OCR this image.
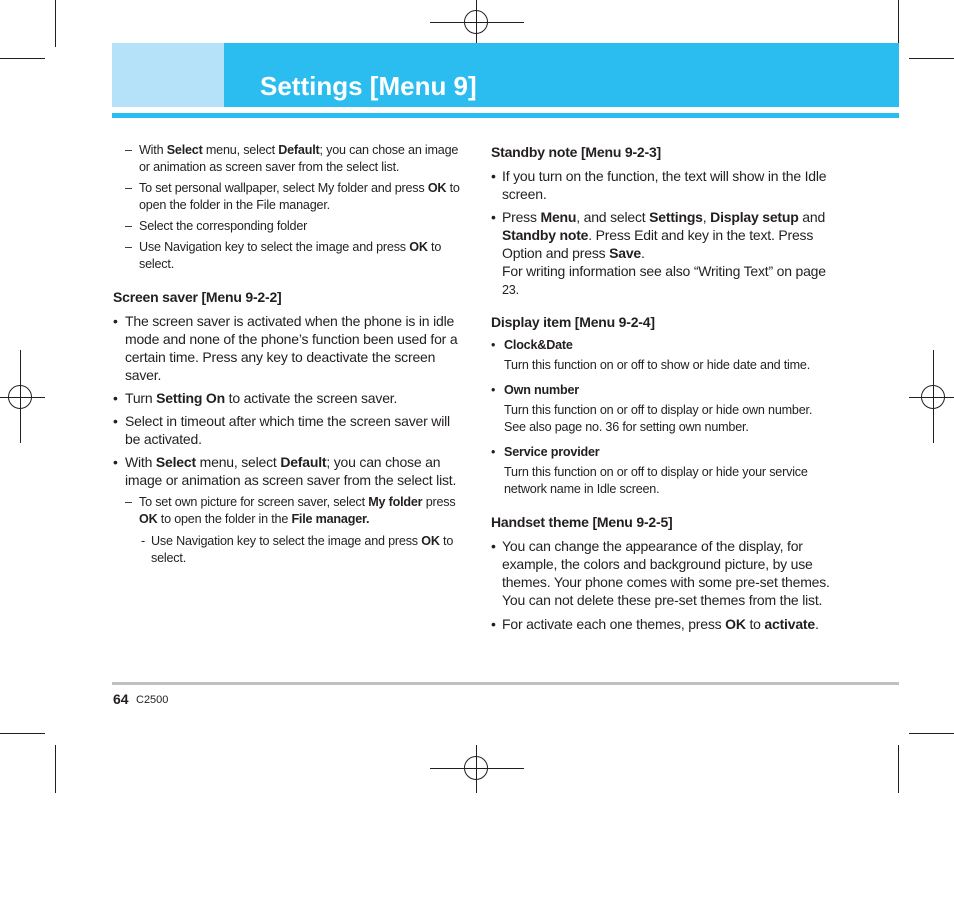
Settings [Menu 9]
– With Select menu, select Default; you can chose an image or animation as screen saver from the select list.
– To set personal wallpaper, select My folder and press OK to open the folder in the File manager.
– Select the corresponding folder
– Use Navigation key to select the image and press OK to select.
Screen saver [Menu 9-2-2]
• The screen saver is activated when the phone is in idle mode and none of the phone’s function been used for a certain time. Press any key to deactivate the screen saver.
• Turn Setting On to activate the screen saver.
• Select in timeout after which time the screen saver will be activated.
• With Select menu, select Default; you can chose an image or animation as screen saver from the select list.
– To set own picture for screen saver, select My folder press OK to open the folder in the File manager.
- Use Navigation key to select the image and press OK to select.
Standby note [Menu 9-2-3]
• If you turn on the function, the text will show in the Idle screen.
• Press Menu, and select Settings, Display setup and Standby note. Press Edit and key in the text. Press Option and press Save.
For writing information see also “Writing Text” on page
23.
Display item [Menu 9-2-4]
• Clock&Date
Turn this function on or off to show or hide date and time.
• Own number
Turn this function on or off to display or hide own number. See also page no. 36 for setting own number.
• Service provider
Turn this function on or off to display or hide your service network name in Idle screen.
Handset theme [Menu 9-2-5]
• You can change the appearance of the display, for example, the colors and background picture, by use themes. Your phone comes with some pre-set themes. You can not delete these pre-set themes from the list.
• For activate each one themes, press OK to activate.
64 C2500
